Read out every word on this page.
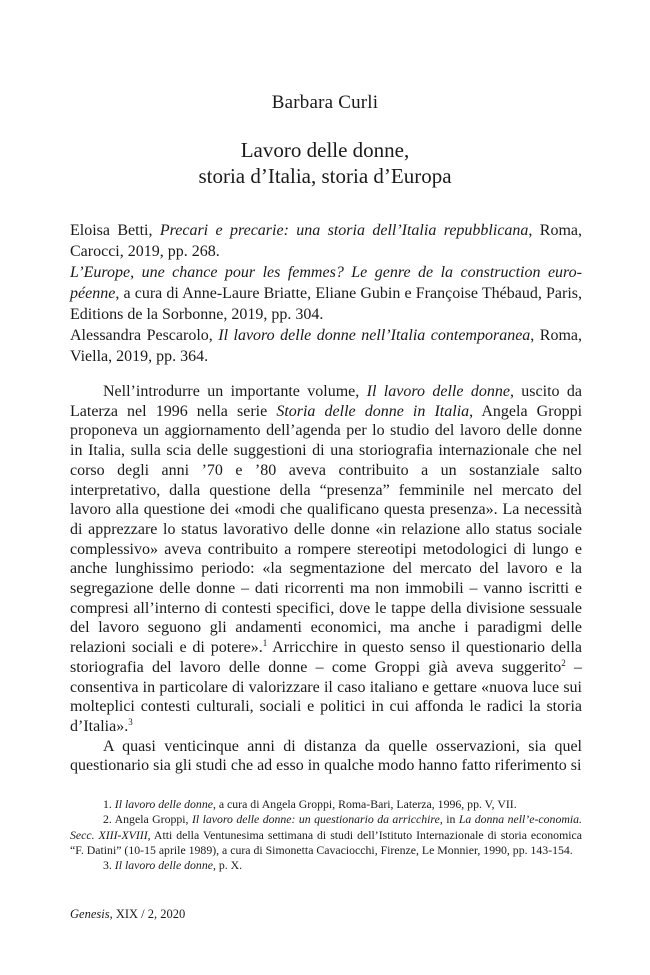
Barbara Curli
Lavoro delle donne,
storia d’Italia, storia d’Europa

Eloisa Betti, Precari e precarie: una storia dell’Italia repubblicana, Roma, Carocci, 2019, pp. 268.

L’Europe, une chance pour les femmes? Le genre de la construction euro-péenne, a cura di Anne-Laure Briatte, Eliane Gubin e Françoise Thébaud, Paris, Editions de la Sorbonne, 2019, pp. 304.

Alessandra Pescarolo, Il lavoro delle donne nell’Italia contemporanea, Roma, Viella, 2019, pp. 364.

Nell’introdurre un importante volume, Il lavoro delle donne, uscito da Laterza nel 1996 nella serie Storia delle donne in Italia, Angela Groppi proponeva un aggiornamento dell’agenda per lo studio del lavoro delle donne in Italia, sulla scia delle suggestioni di una storiografia internazionale che nel corso degli anni ’70 e ’80 aveva contribuito a un sostanziale salto interpretativo, dalla questione della “presenza” femminile nel mercato del lavoro alla questione dei «modi che qualificano questa presenza». La necessità di apprezzare lo status lavorativo delle donne «in relazione allo status sociale complessivo» aveva contribuito a rompere stereotipi metodologici di lungo e anche lunghissimo periodo: «la segmentazione del mercato del lavoro e la segregazione delle donne – dati ricorrenti ma non immobili – vanno iscritti e compresi all’interno di contesti specifici, dove le tappe della divisione sessuale del lavoro seguono gli andamenti economici, ma anche i paradigmi delle relazioni sociali e di potere».$^1$ Arricchire in questo senso il questionario della storiografia del lavoro delle donne – come Groppi già aveva suggerito$^2$ – consentiva in particolare di valorizzare il caso italiano e gettare «nuova luce sui molteplici contesti culturali, sociali e politici in cui affonda le radici la storia d’Italia».$^3$

A quasi venticinque anni di distanza da quelle osservazioni, sia quel questionario sia gli studi che ad esso in qualche modo hanno fatto riferimento si

1. Il lavoro delle donne, a cura di Angela Groppi, Roma-Bari, Laterza, 1996, pp. V, VII.

2. Angela Groppi, Il lavoro delle donne: un questionario da arricchire, in La donna nell’e-conomia. Secc. XIII-XVIII, Atti della Ventunesima settimana di studi dell’Istituto Internazionale di storia economica “F. Datini” (10-15 aprile 1989), a cura di Simonetta Cavaciocchi, Firenze, Le Monnier, 1990, pp. 143-154.

3. Il lavoro delle donne, p. X.

Genesis, XIX / 2, 2020
